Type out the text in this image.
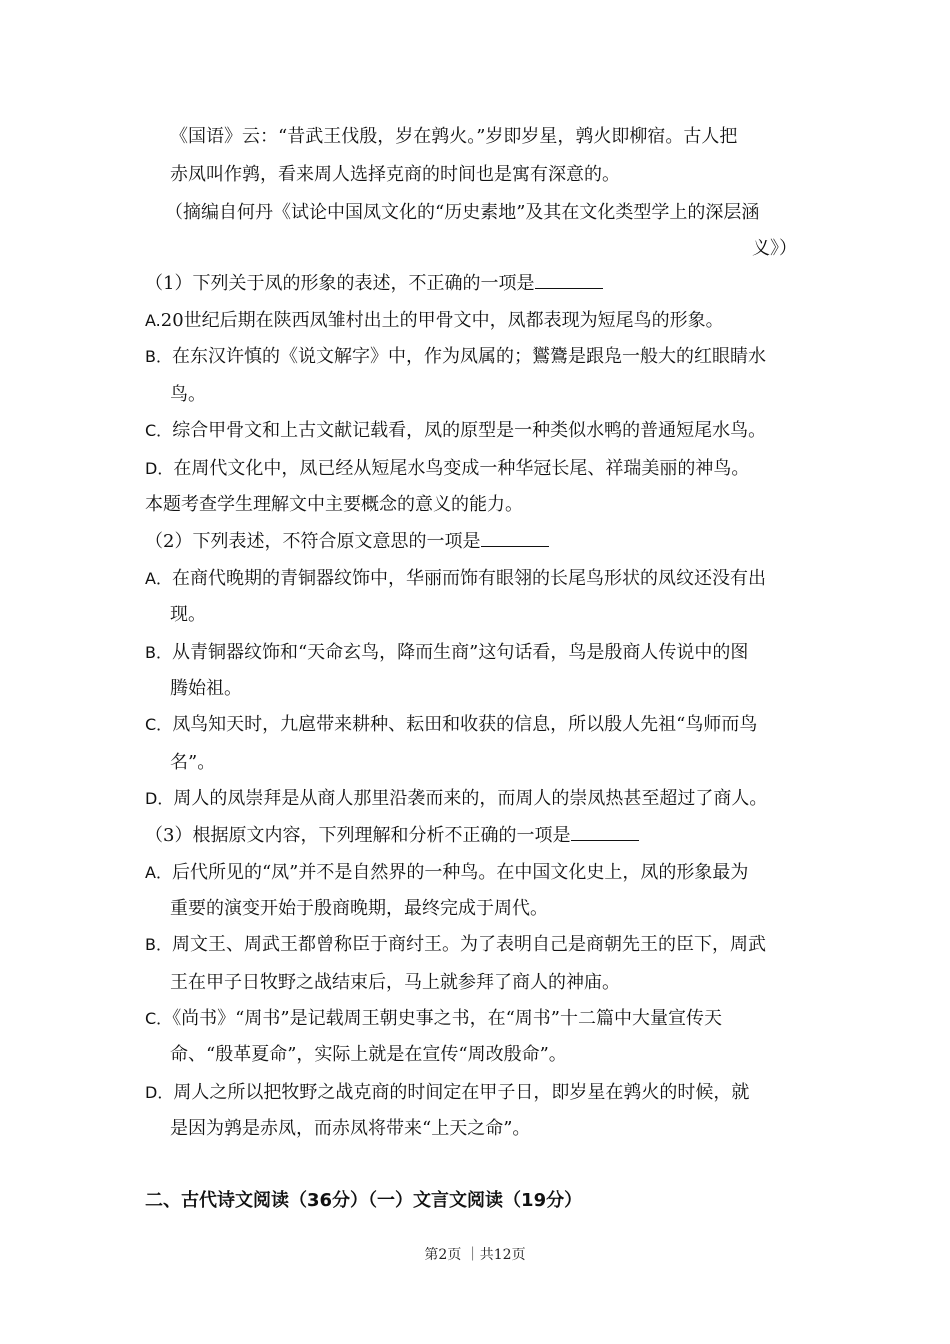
《国语》云：“昔武王伐殷，岁在鹑火。”岁即岁星，鹑火即柳宿。古人把
赤凤叫作鹑，看来周人选择克商的时间也是寓有深意的。
（摘编自何丹《试论中国凤文化的“历史素地”及其在文化类型学上的深层涵
义》）
（1）下列关于凤的形象的表述，不正确的一项是
A.20世纪后期在陕西凤雏村出土的甲骨文中，凤都表现为短尾鸟的形象。
B．在东汉许慎的《说文解字》中，作为凤属的；鸑鷟是跟凫一般大的红眼睛水
鸟。
C．综合甲骨文和上古文献记载看，凤的原型是一种类似水鸭的普通短尾水鸟。
D．在周代文化中，凤已经从短尾水鸟变成一种华冠长尾、祥瑞美丽的神鸟。
本题考查学生理解文中主要概念的意义的能力。
（2）下列表述，不符合原文意思的一项是
A．在商代晚期的青铜器纹饰中，华丽而饰有眼翎的长尾鸟形状的凤纹还没有出
现。
B．从青铜器纹饰和“天命玄鸟，降而生商”这句话看，鸟是殷商人传说中的图
腾始祖。
C．凤鸟知天时，九扈带来耕种、耘田和收获的信息，所以殷人先祖“鸟师而鸟
名”。
D．周人的凤崇拜是从商人那里沿袭而来的，而周人的崇凤热甚至超过了商人。
（3）根据原文内容，下列理解和分析不正确的一项是
A．后代所见的“凤”并不是自然界的一种鸟。在中国文化史上，凤的形象最为
重要的演变开始于殷商晚期，最终完成于周代。
B．周文王、周武王都曾称臣于商纣王。为了表明自己是商朝先王的臣下，周武
王在甲子日牧野之战结束后，马上就参拜了商人的神庙。
C．《尚书》“周书”是记载周王朝史事之书，在“周书”十二篇中大量宣传天
命、“殷革夏命”，实际上就是在宣传“周改殷命”。
D．周人之所以把牧野之战克商的时间定在甲子日，即岁星在鹑火的时候，就
是因为鹑是赤凤，而赤凤将带来“上天之命”。
二、古代诗文阅读（36分）（一）文言文阅读（19分）
第2页 ｜共12页
